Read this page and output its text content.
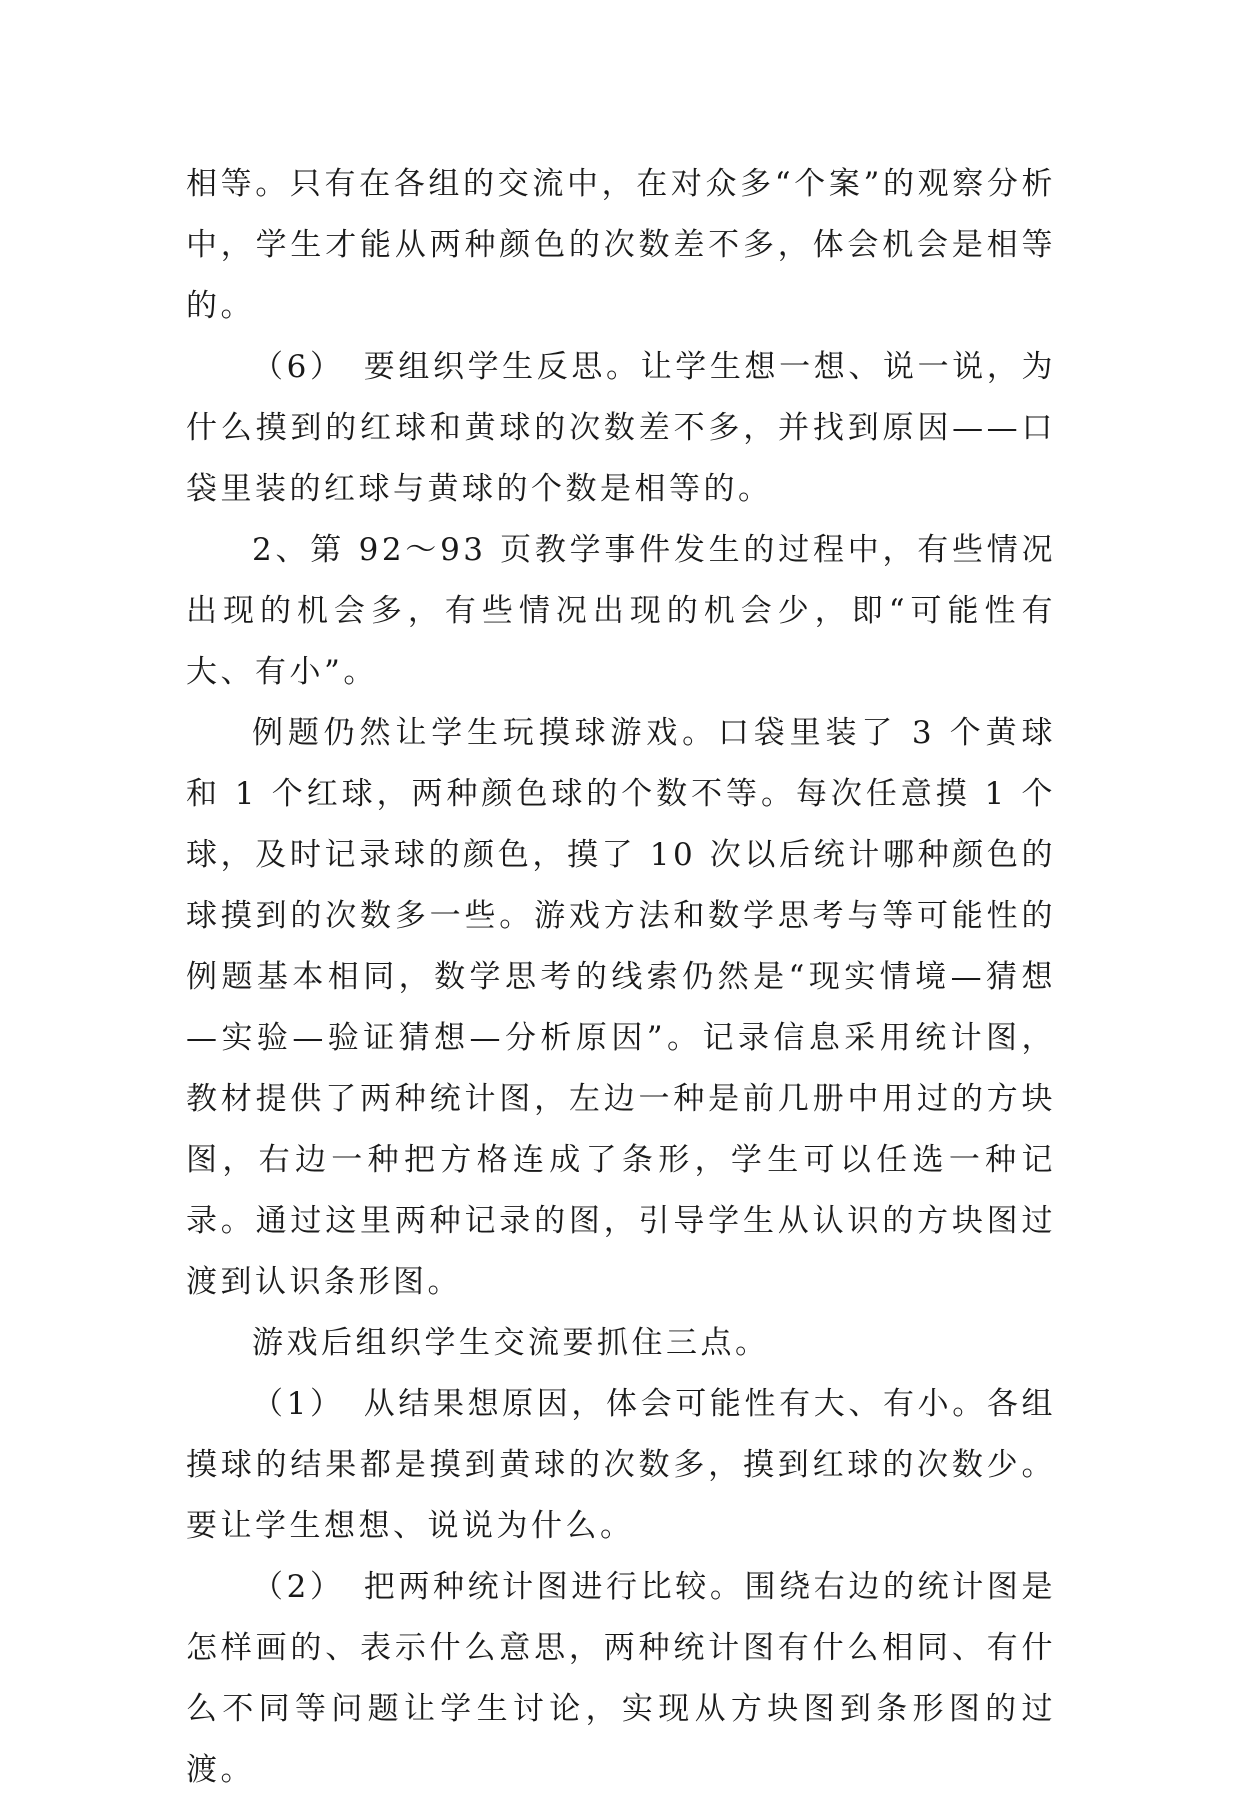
相等。只有在各组的交流中，在对众多“个案”的观察分析中，学生才能从两种颜色的次数差不多，体会机会是相等的。

（6）　要组织学生反思。让学生想一想、说一说，为什么摸到的红球和黄球的次数差不多，并找到原因——口袋里装的红球与黄球的个数是相等的。

2、第 92～93 页教学事件发生的过程中，有些情况出现的机会多，有些情况出现的机会少，即“可能性有大、有小”。

例题仍然让学生玩摸球游戏。口袋里装了 3 个黄球和 1 个红球，两种颜色球的个数不等。每次任意摸 1 个球，及时记录球的颜色，摸了 10 次以后统计哪种颜色的球摸到的次数多一些。游戏方法和数学思考与等可能性的例题基本相同，数学思考的线索仍然是“现实情境—猜想—实验—验证猜想—分析原因”。记录信息采用统计图，教材提供了两种统计图，左边一种是前几册中用过的方块图，右边一种把方格连成了条形，学生可以任选一种记录。通过这里两种记录的图，引导学生从认识的方块图过渡到认识条形图。

游戏后组织学生交流要抓住三点。

（1）　从结果想原因，体会可能性有大、有小。各组摸球的结果都是摸到黄球的次数多，摸到红球的次数少。要让学生想想、说说为什么。

（2）　把两种统计图进行比较。围绕右边的统计图是怎样画的、表示什么意思，两种统计图有什么相同、有什么不同等问题让学生讨论，实现从方块图到条形图的过渡。
